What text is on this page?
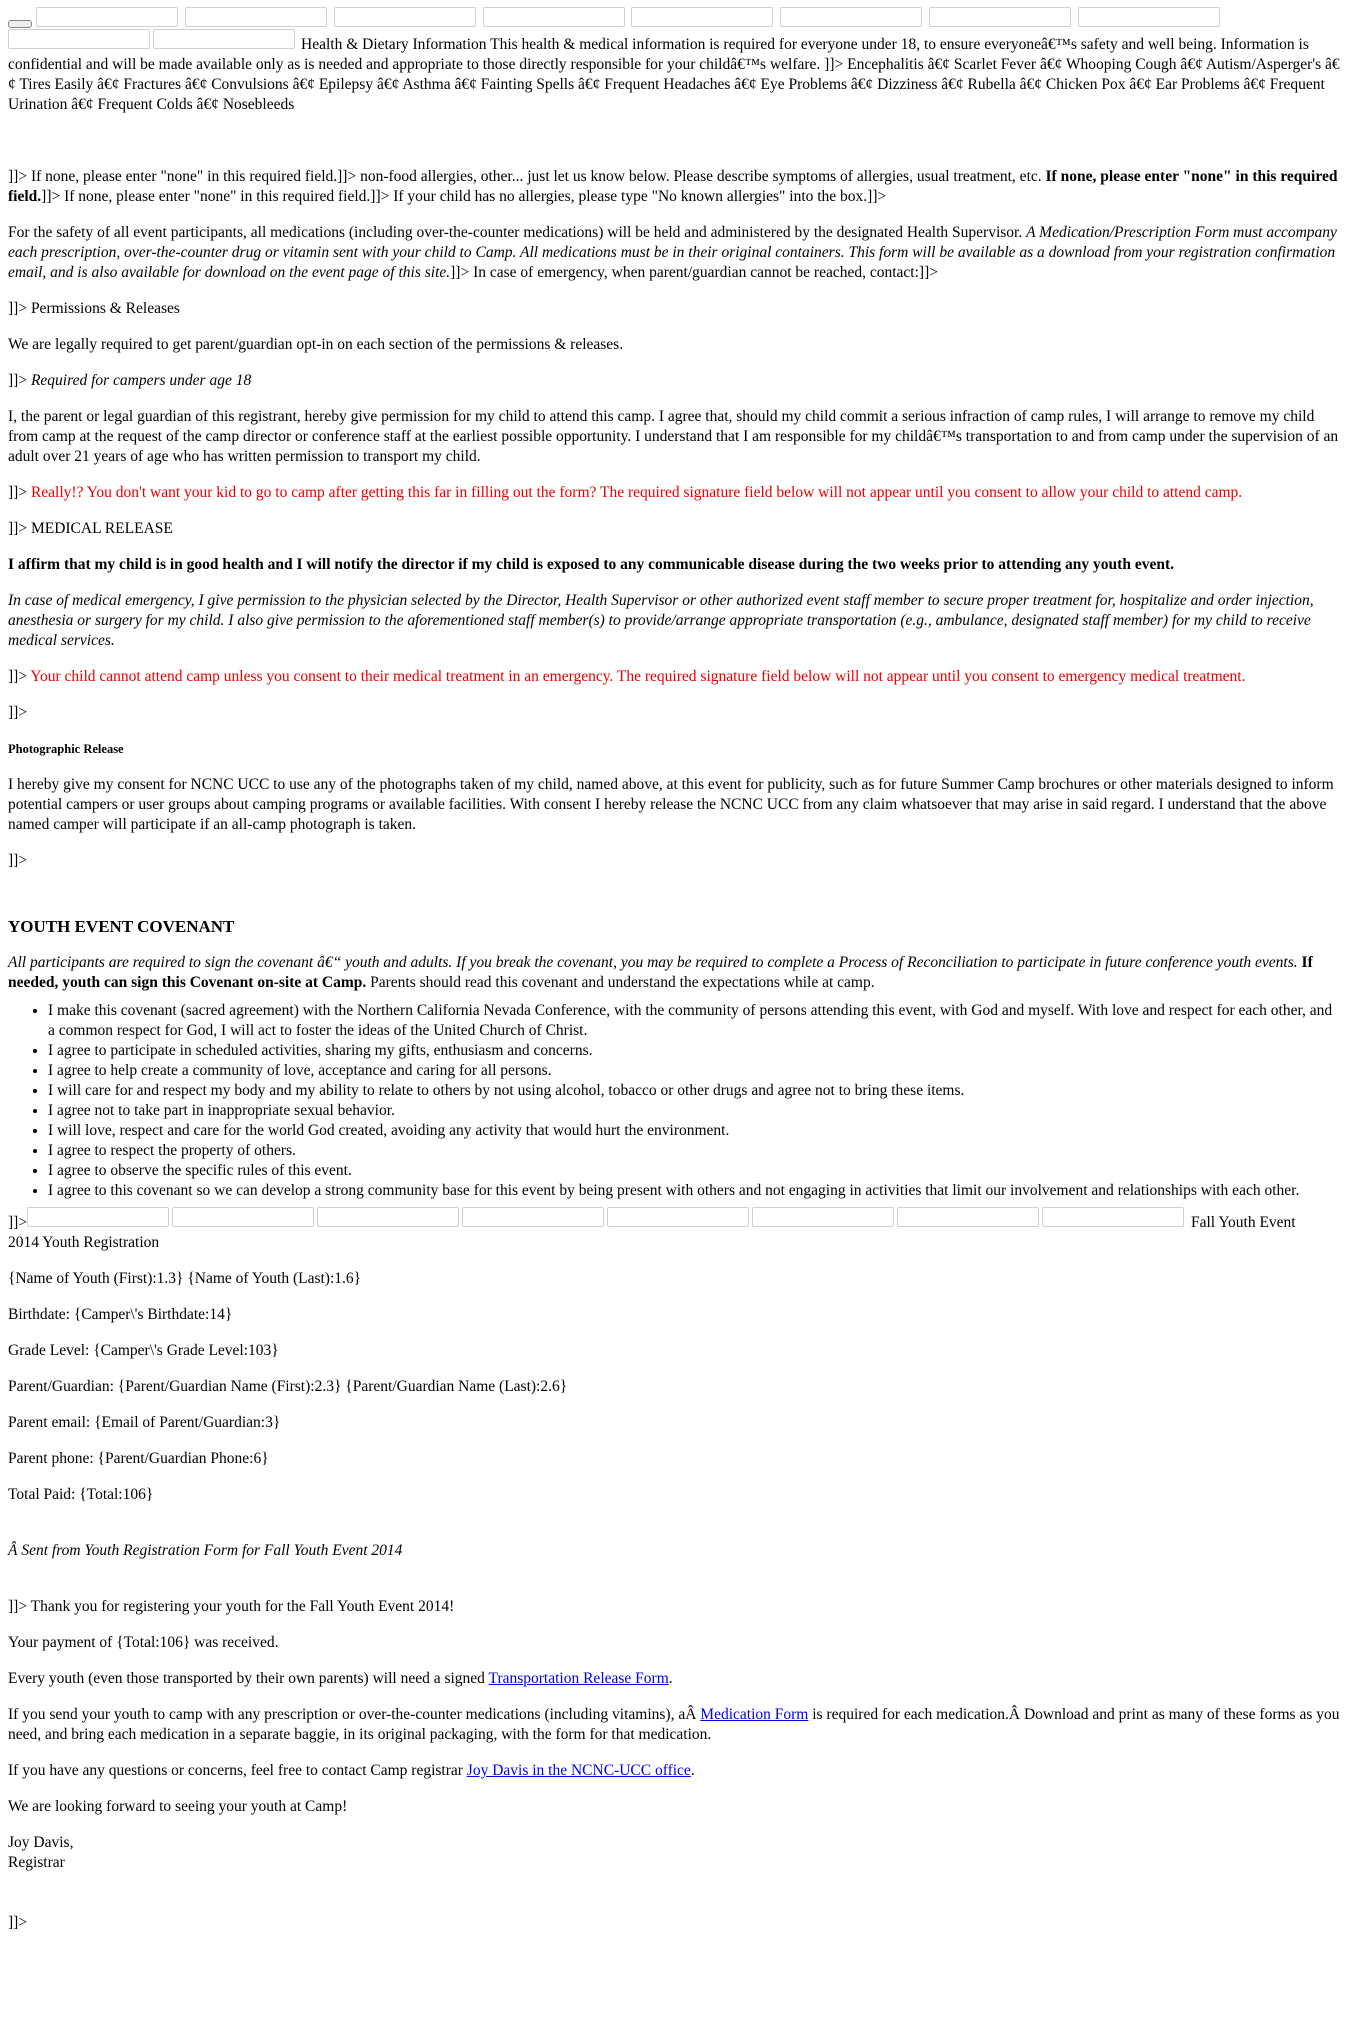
Health & Dietary Information This health & medical information is required for everyone under 18, to ensure everyoneâ€™s safety and well being. Information is confidential and will be made available only as is needed and appropriate to those directly responsible for your childâ€™s welfare. ]]> Encephalitis â€¢ Scarlet Fever â€¢ Whooping Cough â€¢ Autism/Asperger's â€¢ Tires Easily â€¢ Fractures â€¢ Convulsions â€¢ Epilepsy â€¢ Asthma â€¢ Fainting Spells â€¢ Frequent Headaches â€¢ Eye Problems â€¢ Dizziness â€¢ Rubella â€¢ Chicken Pox â€¢ Ear Problems â€¢ Frequent Urination â€¢ Frequent Colds â€¢ Nosebleeds

]]> If none, please enter "none" in this required field.]]> non-food allergies, other... just let us know below. Please describe symptoms of allergies, usual treatment, etc. If none, please enter "none" in this required field.]]> If none, please enter "none" in this required field.]]> If your child has no allergies, please type "No known allergies" into the box.]]>

For the safety of all event participants, all medications (including over-the-counter medications) will be held and administered by the designated Health Supervisor. A Medication/Prescription Form must accompany each prescription, over-the-counter drug or vitamin sent with your child to Camp. All medications must be in their original containers. This form will be available as a download from your registration confirmation email, and is also available for download on the event page of this site.]]> In case of emergency, when parent/guardian cannot be reached, contact:]]>

]]> Permissions & Releases

We are legally required to get parent/guardian opt-in on each section of the permissions & releases.

]]> Required for campers under age 18

I, the parent or legal guardian of this registrant, hereby give permission for my child to attend this camp. I agree that, should my child commit a serious infraction of camp rules, I will arrange to remove my child from camp at the request of the camp director or conference staff at the earliest possible opportunity. I understand that I am responsible for my childâ€™s transportation to and from camp under the supervision of an adult over 21 years of age who has written permission to transport my child.

]]> Really!? You don't want your kid to go to camp after getting this far in filling out the form? The required signature field below will not appear until you consent to allow your child to attend camp.

]]> MEDICAL RELEASE

I affirm that my child is in good health and I will notify the director if my child is exposed to any communicable disease during the two weeks prior to attending any youth event.

In case of medical emergency, I give permission to the physician selected by the Director, Health Supervisor or other authorized event staff member to secure proper treatment for, hospitalize and order injection, anesthesia or surgery for my child. I also give permission to the aforementioned staff member(s) to provide/arrange appropriate transportation (e.g., ambulance, designated staff member) for my child to receive medical services.

]]> Your child cannot attend camp unless you consent to their medical treatment in an emergency. The required signature field below will not appear until you consent to emergency medical treatment.

]]>

Photographic Release

I hereby give my consent for NCNC UCC to use any of the photographs taken of my child, named above, at this event for publicity, such as for future Summer Camp brochures or other materials designed to inform potential campers or user groups about camping programs or available facilities. With consent I hereby release the NCNC UCC from any claim whatsoever that may arise in said regard. I understand that the above named camper will participate if an all-camp photograph is taken.

]]>

YOUTH EVENT COVENANT

All participants are required to sign the covenant â€“ youth and adults. If you break the covenant, you may be required to complete a Process of Reconciliation to participate in future conference youth events. If needed, youth can sign this Covenant on-site at Camp. Parents should read this covenant and understand the expectations while at camp.

• I make this covenant (sacred agreement) with the Northern California Nevada Conference, with the community of persons attending this event, with God and myself. With love and respect for each other, and a common respect for God, I will act to foster the ideas of the United Church of Christ.
• I agree to participate in scheduled activities, sharing my gifts, enthusiasm and concerns.
• I agree to help create a community of love, acceptance and caring for all persons.
• I will care for and respect my body and my ability to relate to others by not using alcohol, tobacco or other drugs and agree not to bring these items.
• I agree not to take part in inappropriate sexual behavior.
• I will love, respect and care for the world God created, avoiding any activity that would hurt the environment.
• I agree to respect the property of others.
• I agree to observe the specific rules of this event.
• I agree to this covenant so we can develop a strong community base for this event by being present with others and not engaging in activities that limit our involvement and relationships with each other.
]]>	Fall Youth Event

2014 Youth Registration

{Name of Youth (First):1.3} {Name of Youth (Last):1.6}

Birthdate: {Camper\'s Birthdate:14}

Grade Level: {Camper\'s Grade Level:103}

Parent/Guardian: {Parent/Guardian Name (First):2.3} {Parent/Guardian Name (Last):2.6}

Parent email: {Email of Parent/Guardian:3}

Parent phone: {Parent/Guardian Phone:6}

Total Paid: {Total:106}

Â Sent from Youth Registration Form for Fall Youth Event 2014

]]> Thank you for registering your youth for the Fall Youth Event 2014!

Your payment of {Total:106} was received.

Every youth (even those transported by their own parents) will need a signed Transportation Release Form.

If you send your youth to camp with any prescription or over-the-counter medications (including vitamins), aÂ Medication Form is required for each medication.Â Download and print as many of these forms as you need, and bring each medication in a separate baggie, in its original packaging, with the form for that medication.

If you have any questions or concerns, feel free to contact Camp registrar Joy Davis in the NCNC-UCC office.

We are looking forward to seeing your youth at Camp!

Joy Davis,
Registrar

]]>
